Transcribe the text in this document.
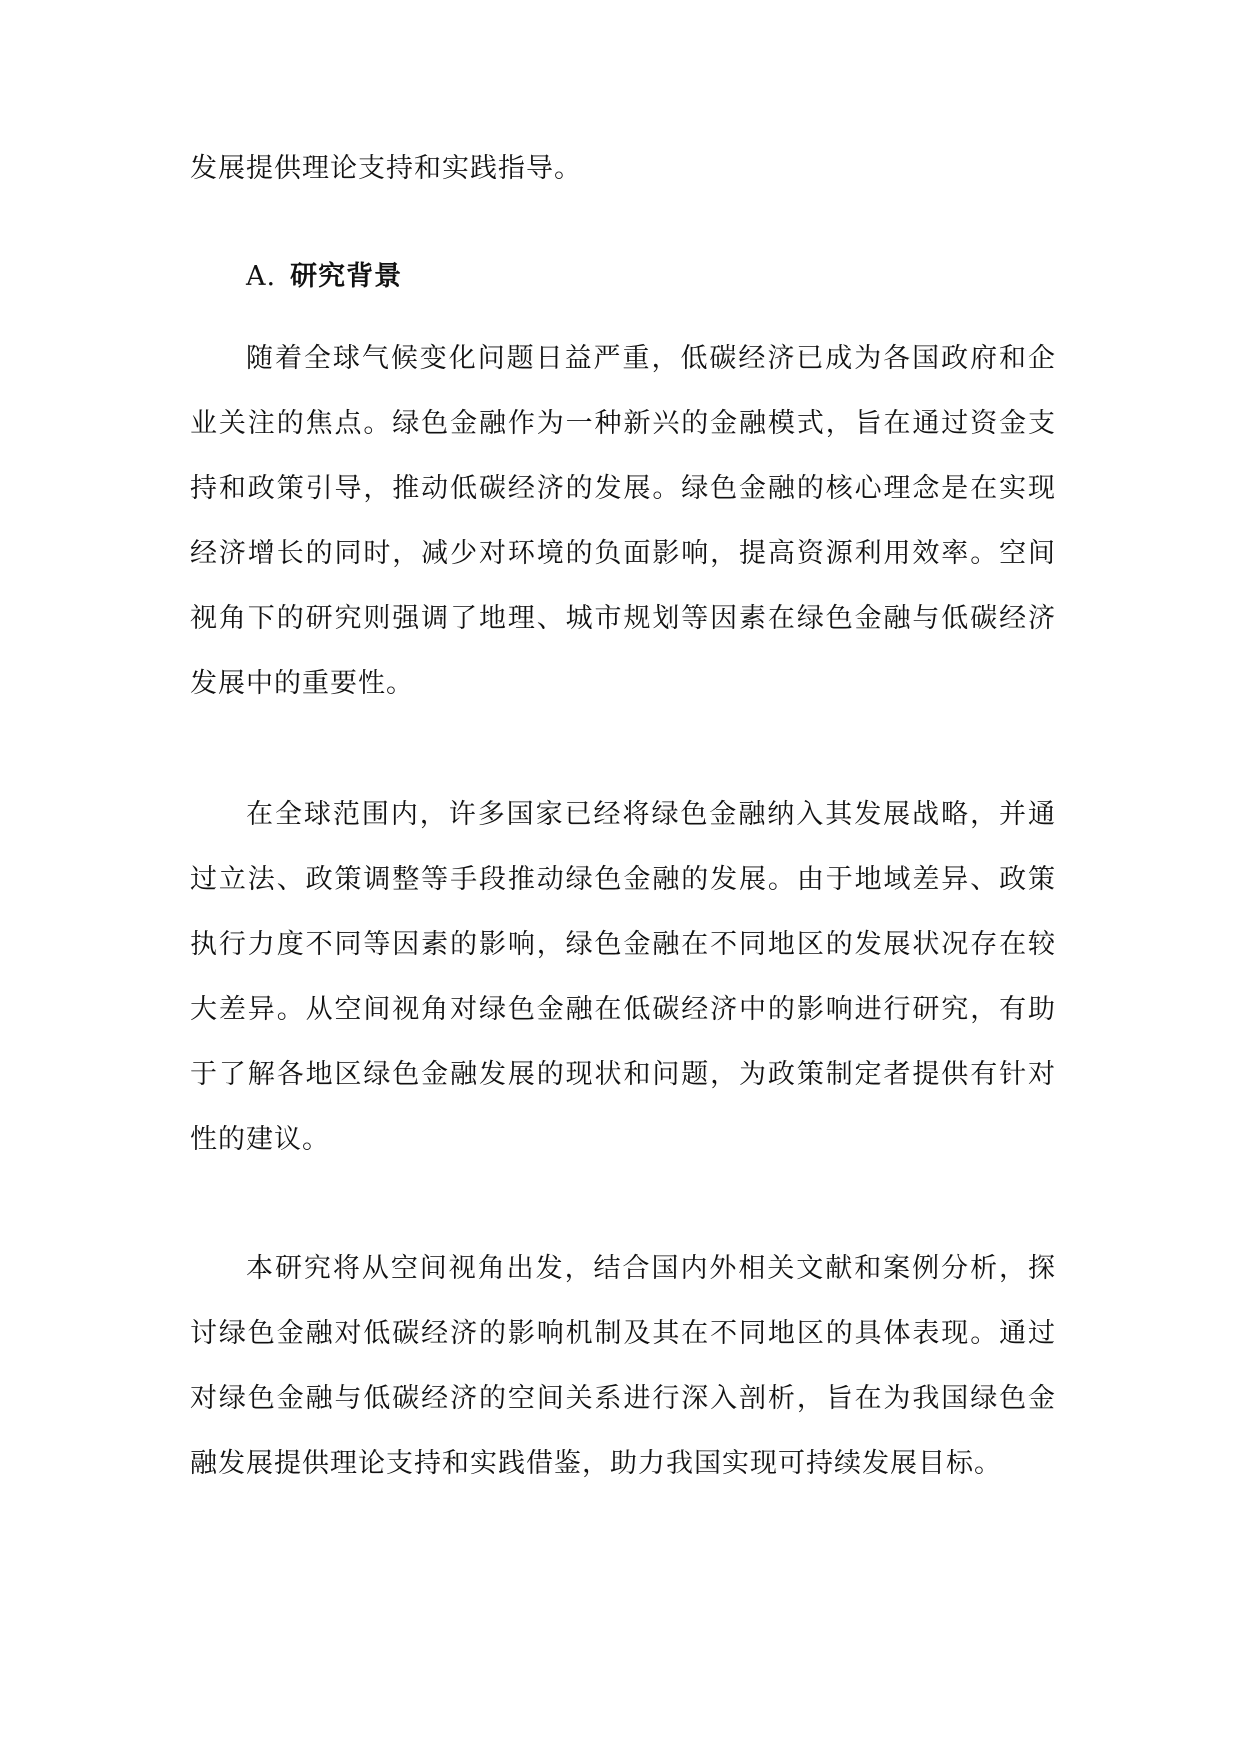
发展提供理论支持和实践指导。
A. 研究背景
随着全球气候变化问题日益严重，低碳经济已成为各国政府和企业关注的焦点。绿色金融作为一种新兴的金融模式，旨在通过资金支持和政策引导，推动低碳经济的发展。绿色金融的核心理念是在实现经济增长的同时，减少对环境的负面影响，提高资源利用效率。空间视角下的研究则强调了地理、城市规划等因素在绿色金融与低碳经济发展中的重要性。
在全球范围内，许多国家已经将绿色金融纳入其发展战略，并通过立法、政策调整等手段推动绿色金融的发展。由于地域差异、政策执行力度不同等因素的影响，绿色金融在不同地区的发展状况存在较大差异。从空间视角对绿色金融在低碳经济中的影响进行研究，有助于了解各地区绿色金融发展的现状和问题，为政策制定者提供有针对性的建议。
本研究将从空间视角出发，结合国内外相关文献和案例分析，探讨绿色金融对低碳经济的影响机制及其在不同地区的具体表现。通过对绿色金融与低碳经济的空间关系进行深入剖析，旨在为我国绿色金融发展提供理论支持和实践借鉴，助力我国实现可持续发展目标。
